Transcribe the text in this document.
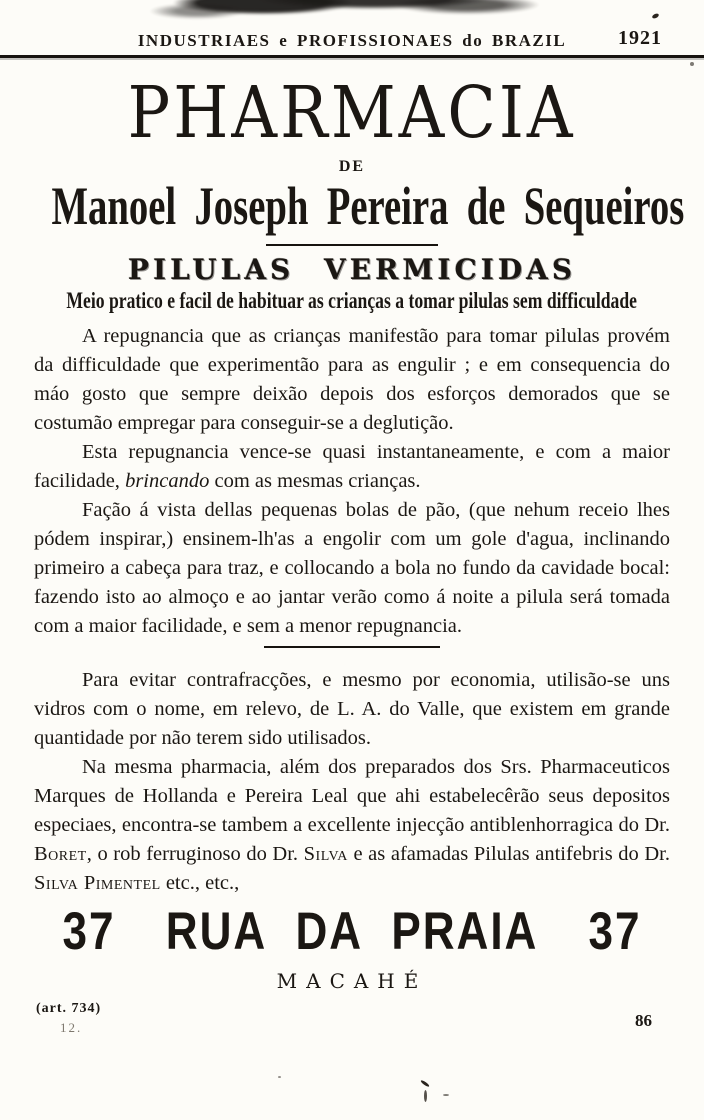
INDUSTRIAES e PROFISSIONAES do BRAZIL	1921
PHARMACIA
DE
Manoel Joseph Pereira de Sequeiros
PILULAS VERMICIDAS
Meio pratico e facil de habituar as crianças a tomar pilulas sem difficuldade

A repugnancia que as crianças manifestão para tomar pilulas provém da difficuldade que experimentão para as engulir ; e em consequencia do máo gosto que sempre deixão depois dos esforços demorados que se costumão empregar para conseguir-se a deglutição.

Esta repugnancia vence-se quasi instantaneamente, e com a maior facilidade, brincando com as mesmas crianças.

Fação á vista dellas pequenas bolas de pão, (que nehum receio lhes pódem inspirar,) ensinem-lh'as a engolir com um gole d'agua, inclinando primeiro a cabeça para traz, e collocando a bola no fundo da cavidade bocal: fazendo isto ao almoço e ao jantar verão como á noite a pilula será tomada com a maior facilidade, e sem a menor repugnancia.

Para evitar contrafracções, e mesmo por economia, utilisão-se uns vidros com o nome, em relevo, de L. A. do Valle, que existem em grande quantidade por não terem sido utilisados.

Na mesma pharmacia, além dos preparados dos Srs. Pharmaceuticos Marques de Hollanda e Pereira Leal que ahi estabelecêrão seus depositos especiaes, encontra-se tambem a excellente injecção antiblenhorragica do Dr. Boret, o rob ferruginoso do Dr. Silva e as afamadas Pilulas antifebris do Dr. Silva Pimentel etc., etc.,

37 RUA DA PRAIA 37
MACAHÉ
(art. 734)
12.	86
